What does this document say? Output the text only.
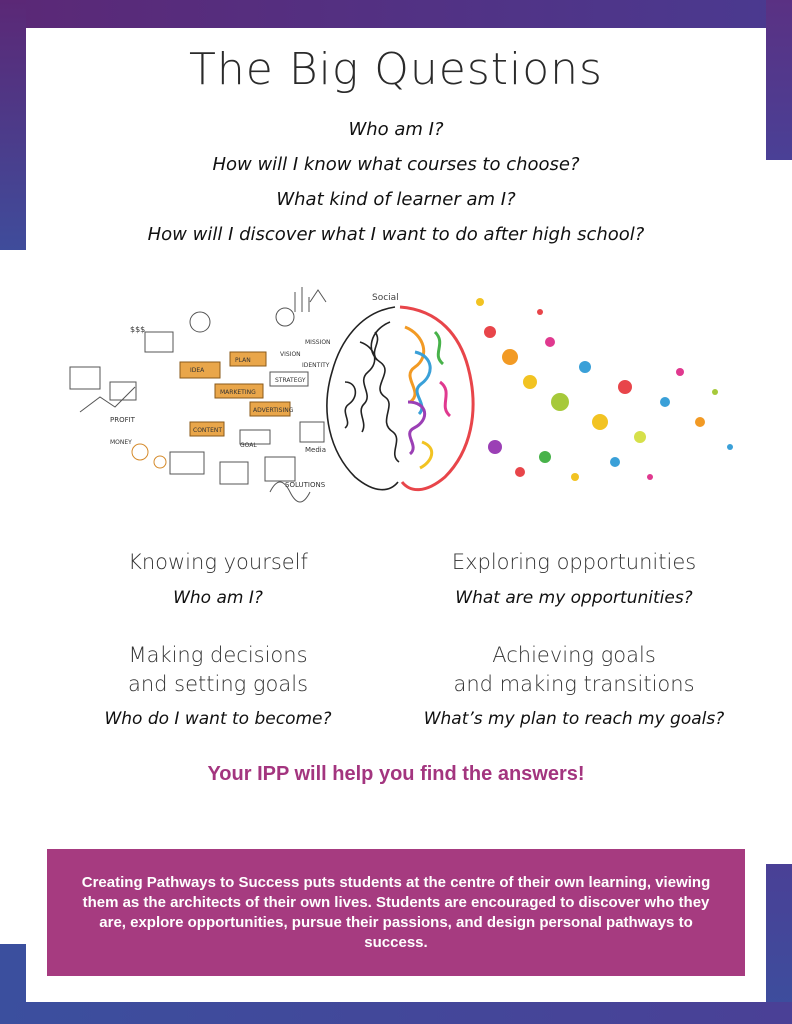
The Big Questions
Who am I?
How will I know what courses to choose?
What kind of learner am I?
How will I discover what I want to do after high school?
Social
IDEA
PLAN
STRATEGY
MARKETING
ADVERTISING
MISSION
VISION
IDENTITY
CONTENT
PROFIT
MONEY
SOLUTIONS
Media
GOAL
$$$
Knowing yourself
Who am I?
Exploring opportunities
What are my opportunities?
Making decisions
and setting goals
Who do I want to become?
Achieving goals
and making transitions
What’s my plan to reach my goals?
Your IPP will help you find the answers!

Creating Pathways to Success puts students at the centre of their own learning, viewing them as the architects of their own lives. Students are encouraged to discover who they are, explore opportunities, pursue their passions, and design personal pathways to success.
